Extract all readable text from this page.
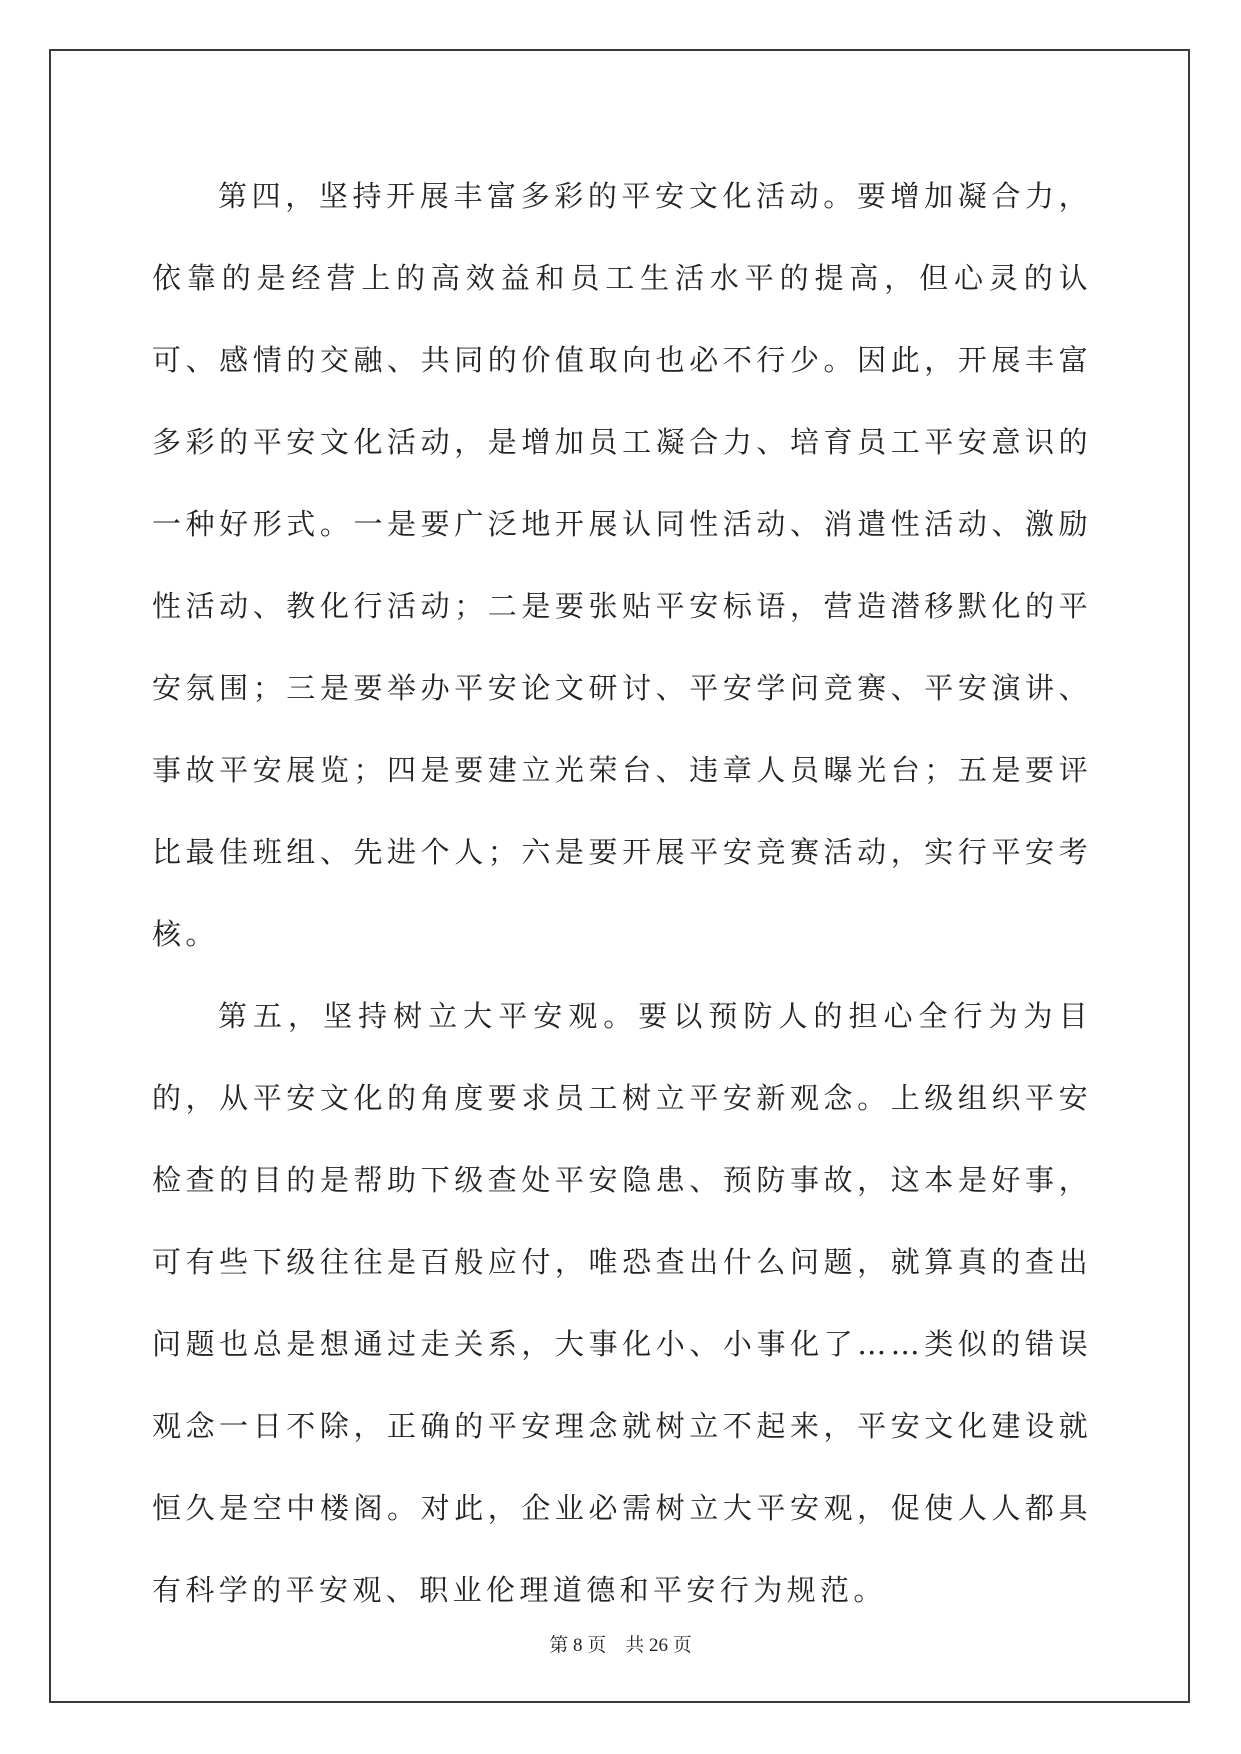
第四，坚持开展丰富多彩的平安文化活动。要增加凝合力，依靠的是经营上的高效益和员工生活水平的提高，但心灵的认可、感情的交融、共同的价值取向也必不行少。因此，开展丰富多彩的平安文化活动，是增加员工凝合力、培育员工平安意识的一种好形式。一是要广泛地开展认同性活动、消遣性活动、激励性活动、教化行活动；二是要张贴平安标语，营造潜移默化的平安氛围；三是要举办平安论文研讨、平安学问竞赛、平安演讲、事故平安展览；四是要建立光荣台、违章人员曝光台；五是要评比最佳班组、先进个人；六是要开展平安竞赛活动，实行平安考核。

第五，坚持树立大平安观。要以预防人的担心全行为为目的，从平安文化的角度要求员工树立平安新观念。上级组织平安检查的目的是帮助下级查处平安隐患、预防事故，这本是好事，可有些下级往往是百般应付，唯恐查出什么问题，就算真的查出问题也总是想通过走关系，大事化小、小事化了……类似的错误观念一日不除，正确的平安理念就树立不起来，平安文化建设就恒久是空中楼阁。对此，企业必需树立大平安观，促使人人都具有科学的平安观、职业伦理道德和平安行为规范。

第 8 页    共 26 页
